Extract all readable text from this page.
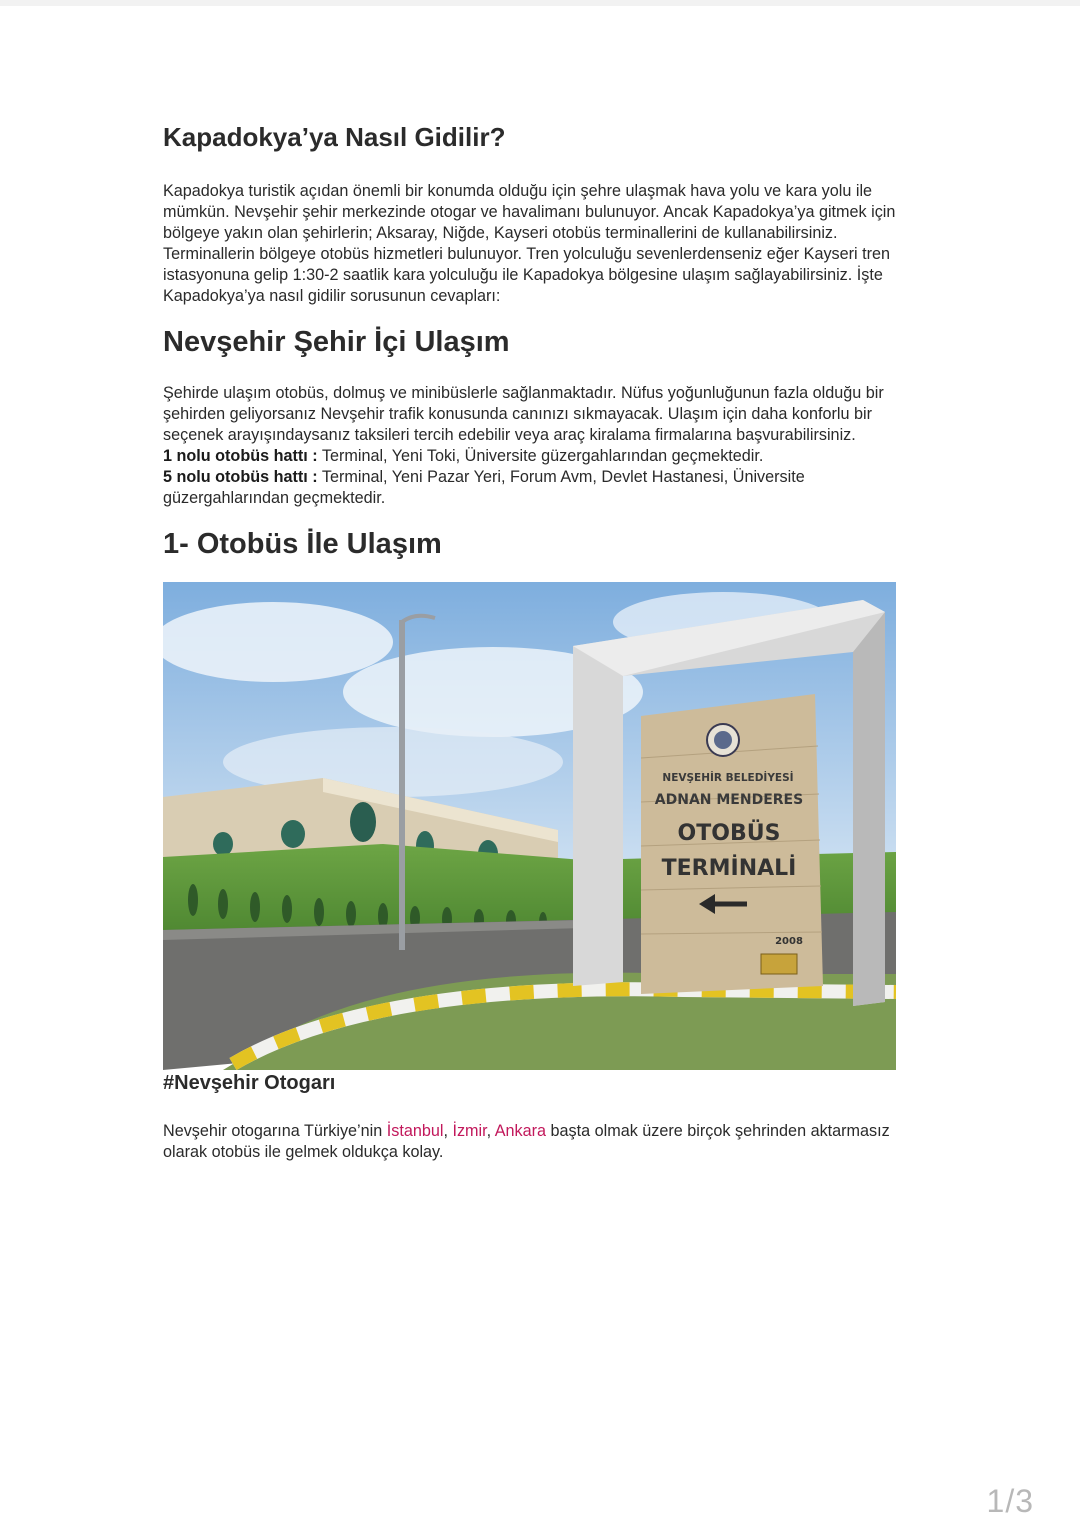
Kapadokya’ya Nasıl Gidilir?

Kapadokya turistik açıdan önemli bir konumda olduğu için şehre ulaşmak hava yolu ve kara yolu ile mümkün. Nevşehir şehir merkezinde otogar ve havalimanı bulunuyor. Ancak Kapadokya’ya gitmek için bölgeye yakın olan şehirlerin; Aksaray, Niğde, Kayseri otobüs terminallerini de kullanabilirsiniz. Terminallerin bölgeye otobüs hizmetleri bulunuyor. Tren yolculuğu sevenlerdenseniz eğer Kayseri tren istasyonuna gelip 1:30-2 saatlik kara yolculuğu ile Kapadokya bölgesine ulaşım sağlayabilirsiniz. İşte Kapadokya’ya nasıl gidilir sorusunun cevapları:

Nevşehir Şehir İçi Ulaşım

Şehirde ulaşım otobüs, dolmuş ve minibüslerle sağlanmaktadır. Nüfus yoğunluğunun fazla olduğu bir şehirden geliyorsanız Nevşehir trafik konusunda canınızı sıkmayacak. Ulaşım için daha konforlu bir seçenek arayışındaysanız taksileri tercih edebilir veya araç kiralama firmalarına başvurabilirsiniz.
1 nolu otobüs hattı : Terminal, Yeni Toki, Üniversite güzergahlarından geçmektedir.
5 nolu otobüs hattı : Terminal, Yeni Pazar Yeri, Forum Avm, Devlet Hastanesi, Üniversite güzergahlarından geçmektedir.

1- Otobüs İle Ulaşım
NEVŞEHİR BELEDİYESİ
ADNAN MENDERES
OTOBÜS
TERMİNALİ
2008

#Nevşehir Otogarı

Nevşehir otogarına Türkiye’nin İstanbul, İzmir, Ankara başta olmak üzere birçok şehrinden aktarmasız olarak otobüs ile gelmek oldukça kolay.

1/3
